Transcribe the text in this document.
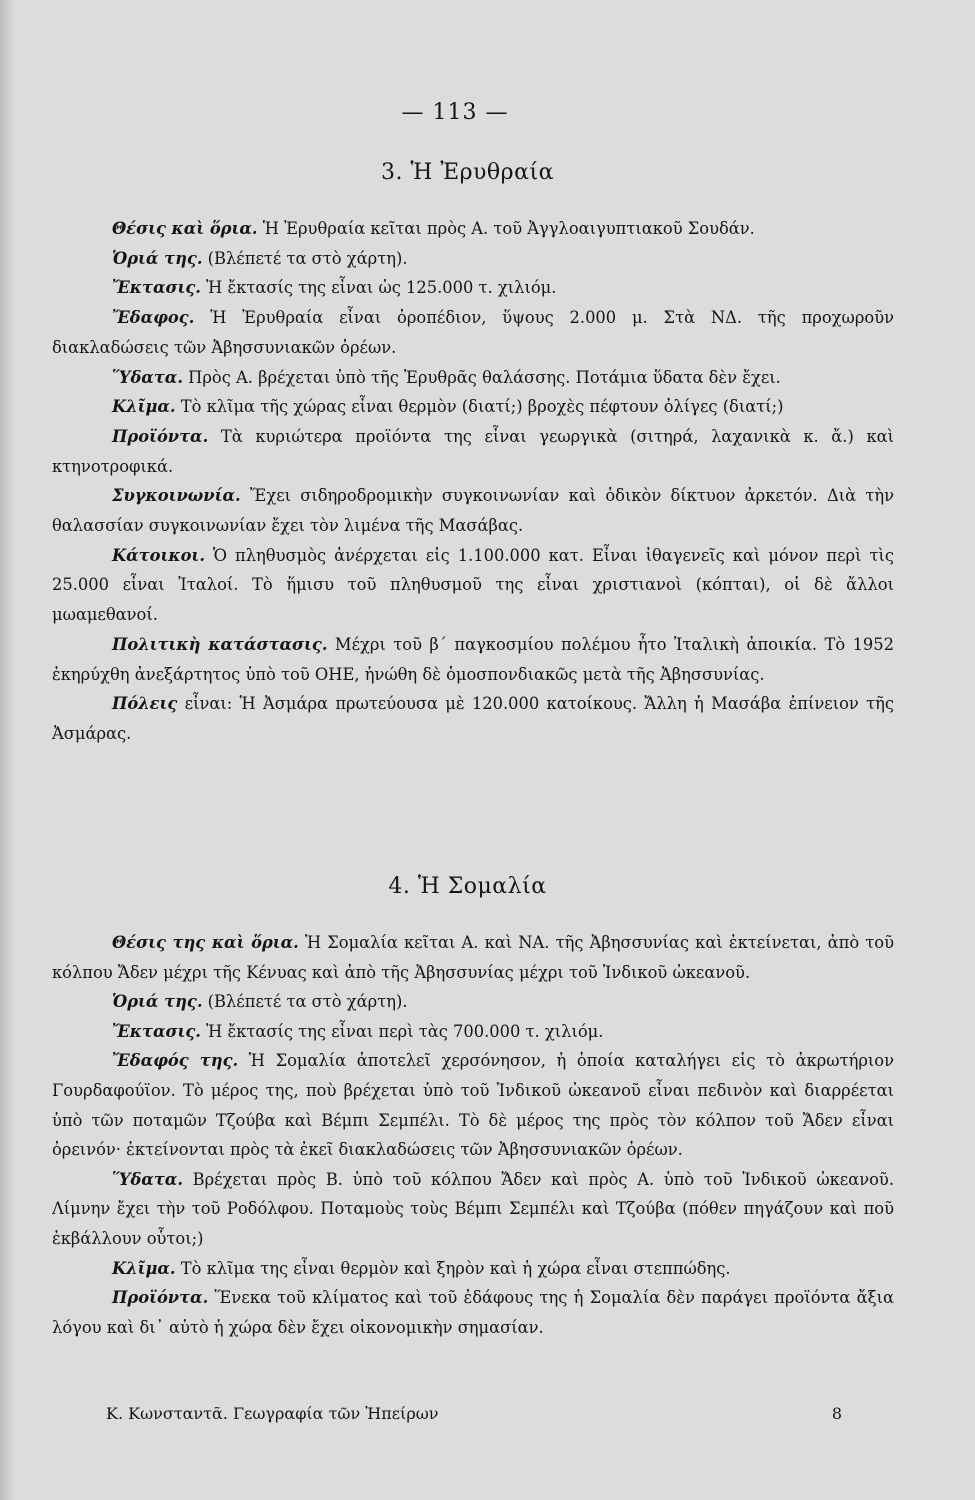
— 113 —
3. Ἡ Ἐρυθραία

Θέσις καὶ ὅρια. Ἡ Ἐρυθραία κεῖται πρὸς Α. τοῦ Ἀγγλοαιγυπτιακοῦ Σουδάν.

Ὁριά της. (Βλέπετέ τα στὸ χάρτη).

Ἔκτασις. Ἡ ἔκτασίς της εἶναι ὡς 125.000 τ. χιλιόμ.

Ἔδαφος. Ἡ Ἐρυθραία εἶναι ὀροπέδιον, ὕψους 2.000 μ. Στὰ ΝΔ. τῆς προχωροῦν διακλαδώσεις τῶν Ἀβησσυνιακῶν ὀρέων.

Ὕδατα. Πρὸς Α. βρέχεται ὑπὸ τῆς Ἐρυθρᾶς θαλάσσης. Ποτάμια ὕδατα δὲν ἔχει.

Κλῖμα. Τὸ κλῖμα τῆς χώρας εἶναι θερμὸν (διατί;) βροχὲς πέφτουν ὀλίγες (διατί;)

Προϊόντα. Τὰ κυριώτερα προϊόντα της εἶναι γεωργικὰ (σιτηρά, λαχανικὰ κ. ἄ.) καὶ κτηνοτροφικά.

Συγκοινωνία. Ἔχει σιδηροδρομικὴν συγκοινωνίαν καὶ ὁδικὸν δίκτυον ἀρκετόν. Διὰ τὴν θαλασσίαν συγκοινωνίαν ἔχει τὸν λιμένα τῆς Μασάβας.

Κάτοικοι. Ὁ πληθυσμὸς ἀνέρχεται εἰς 1.100.000 κατ. Εἶναι ἰθαγενεῖς καὶ μόνον περὶ τὶς 25.000 εἶναι Ἰταλοί. Τὸ ἥμισυ τοῦ πληθυσμοῦ της εἶναι χριστιανοὶ (κόπται), οἱ δὲ ἄλλοι μωαμεθανοί.

Πολιτικὴ κατάστασις. Μέχρι τοῦ β΄ παγκοσμίου πολέμου ἦτο Ἰταλικὴ ἀποικία. Τὸ 1952 ἐκηρύχθη ἀνεξάρτητος ὑπὸ τοῦ ΟΗΕ, ἡνώθη δὲ ὁμοσπονδιακῶς μετὰ τῆς Ἀβησσυνίας.

Πόλεις εἶναι: Ἡ Ἀσμάρα πρωτεύουσα μὲ 120.000 κατοίκους. Ἄλλη ἡ Μασάβα ἐπίνειον τῆς Ἀσμάρας.

4. Ἡ Σομαλία

Θέσις της καὶ ὅρια. Ἡ Σομαλία κεῖται Α. καὶ ΝΑ. τῆς Ἀβησσυνίας καὶ ἐκτείνεται, ἀπὸ τοῦ κόλπου Ἄδεν μέχρι τῆς Κένυας καὶ ἀπὸ τῆς Ἀβησσυνίας μέχρι τοῦ Ἰνδικοῦ ὠκεανοῦ.

Ὁριά της. (Βλέπετέ τα στὸ χάρτη).

Ἔκτασις. Ἡ ἔκτασίς της εἶναι περὶ τὰς 700.000 τ. χιλιόμ.

Ἔδαφός της. Ἡ Σομαλία ἀποτελεῖ χερσόνησον, ἡ ὁποία καταλήγει εἰς τὸ ἀκρωτήριον Γουρδαφούϊον. Τὸ μέρος της, ποὺ βρέχεται ὑπὸ τοῦ Ἰνδικοῦ ὠκεανοῦ εἶναι πεδινὸν καὶ διαρρέεται ὑπὸ τῶν ποταμῶν Τζούβα καὶ Βέμπι Σεμπέλι. Τὸ δὲ μέρος της πρὸς τὸν κόλπον τοῦ Ἄδεν εἶναι ὀρεινόν· ἐκτείνονται πρὸς τὰ ἐκεῖ διακλαδώσεις τῶν Ἀβησσυνιακῶν ὀρέων.

Ὕδατα. Βρέχεται πρὸς Β. ὑπὸ τοῦ κόλπου Ἄδεν καὶ πρὸς Α. ὑπὸ τοῦ Ἰνδικοῦ ὠκεανοῦ. Λίμνην ἔχει τὴν τοῦ Ροδόλφου. Ποταμοὺς τοὺς Βέμπι Σεμπέλι καὶ Τζούβα (πόθεν πηγάζουν καὶ ποῦ ἐκβάλλουν οὗτοι;)

Κλῖμα. Τὸ κλῖμα της εἶναι θερμὸν καὶ ξηρὸν καὶ ἡ χώρα εἶναι στεππώδης.

Προϊόντα. Ἕνεκα τοῦ κλίματος καὶ τοῦ ἐδάφους της ἡ Σομαλία δὲν παράγει προϊόντα ἄξια λόγου καὶ δι᾽ αὐτὸ ἡ χώρα δὲν ἔχει οἰκονομικὴν σημασίαν.

Κ. Κωνσταντᾶ. Γεωγραφία τῶν Ἠπείρων	8
